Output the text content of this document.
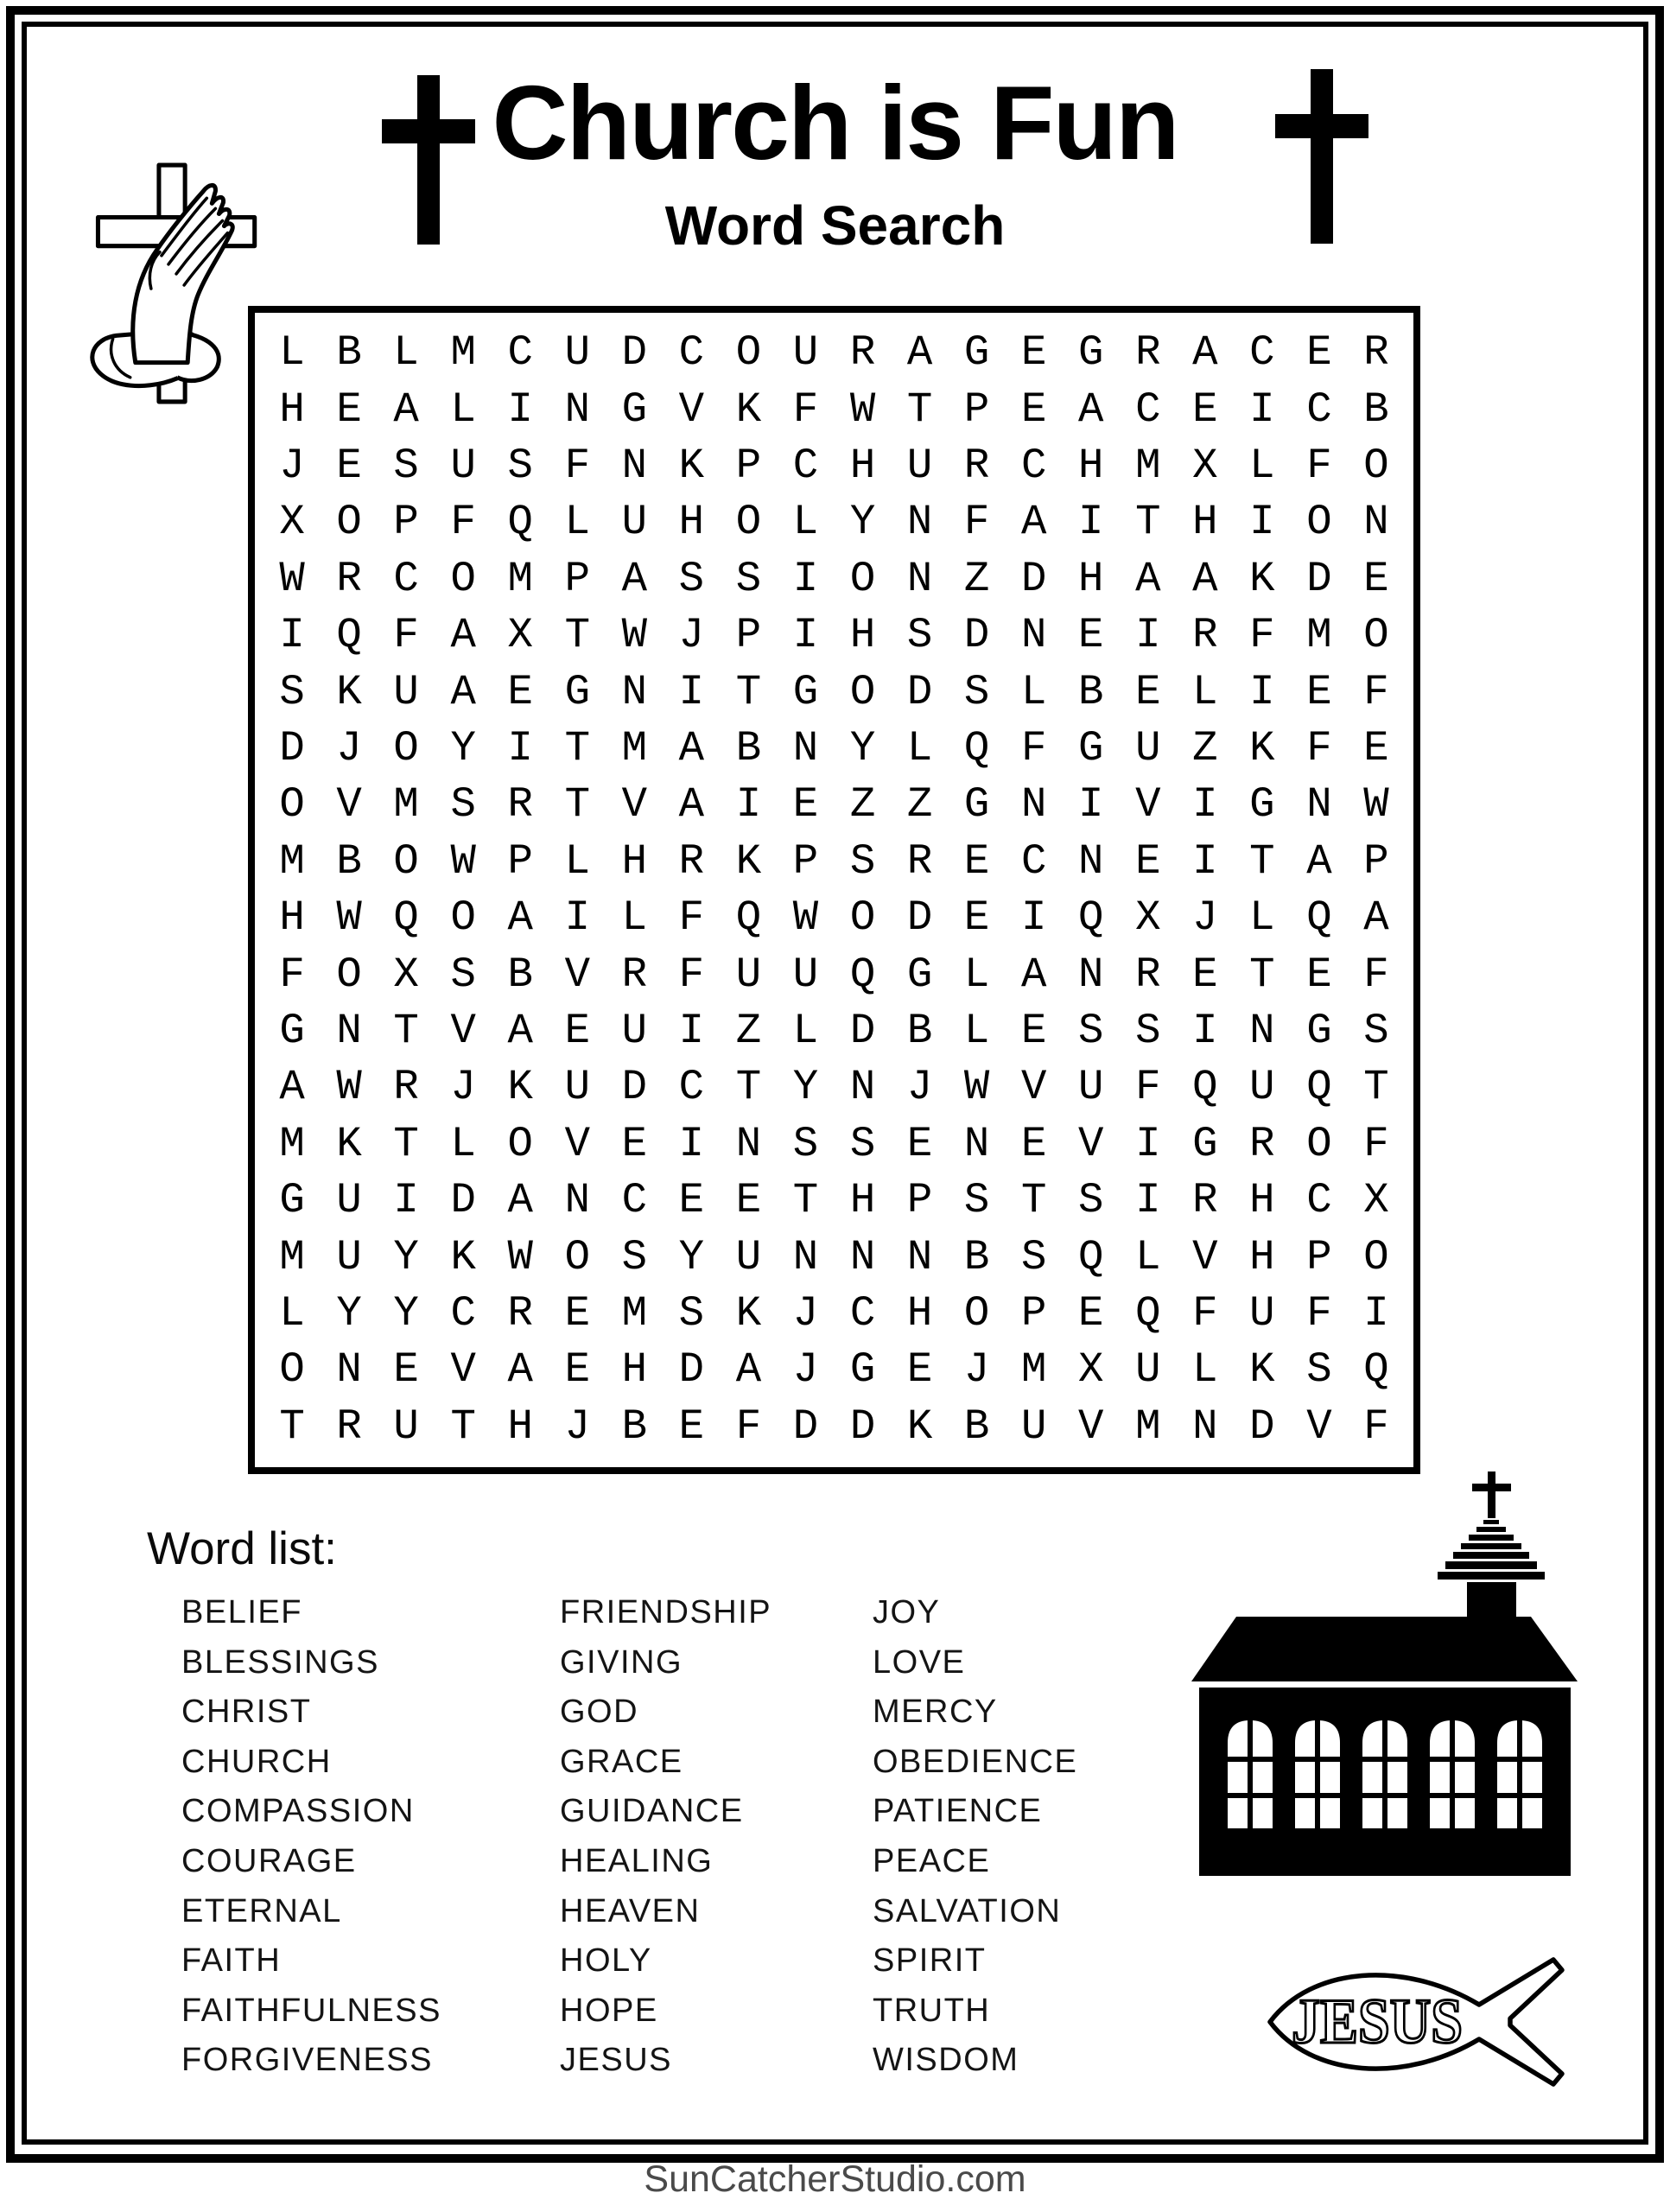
Church is Fun
Word Search
L B L M C U D C O U R A G E G R A C E R
H E A L I N G V K F W T P E A C E I C B
J E S U S F N K P C H U R C H M X L F O
X O P F Q L U H O L Y N F A I T H I O N
W R C O M P A S S I O N Z D H A A K D E
I Q F A X T W J P I H S D N E I R F M O
S K U A E G N I T G O D S L B E L I E F
D J O Y I T M A B N Y L Q F G U Z K F E
O V M S R T V A I E Z Z G N I V I G N W
M B O W P L H R K P S R E C N E I T A P
H W Q O A I L F Q W O D E I Q X J L Q A
F O X S B V R F U U Q G L A N R E T E F
G N T V A E U I Z L D B L E S S I N G S
A W R J K U D C T Y N J W V U F Q U Q T
M K T L O V E I N S S E N E V I G R O F
G U I D A N C E E T H P S T S I R H C X
M U Y K W O S Y U N N N B S Q L V H P O
L Y Y C R E M S K J C H O P E Q F U F I
O N E V A E H D A J G E J M X U L K S Q
T R U T H J B E F D D K B U V M N D V F
Word list:
BELIEF
BLESSINGS
CHRIST
CHURCH
COMPASSION
COURAGE
ETERNAL
FAITH
FAITHFULNESS
FORGIVENESS
FRIENDSHIP
GIVING
GOD
GRACE
GUIDANCE
HEALING
HEAVEN
HOLY
HOPE
JESUS
JOY
LOVE
MERCY
OBEDIENCE
PATIENCE
PEACE
SALVATION
SPIRIT
TRUTH
WISDOM
JESUS
SunCatcherStudio.com
